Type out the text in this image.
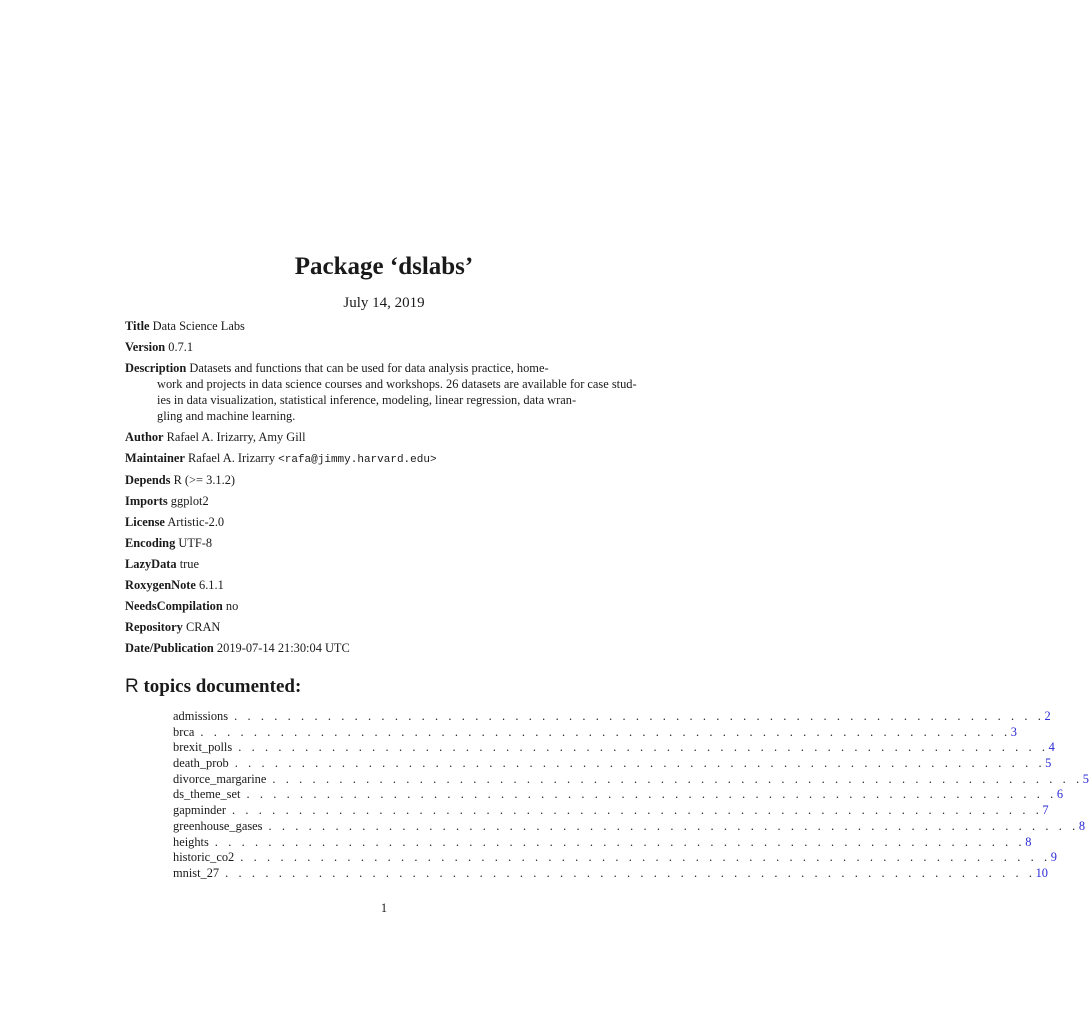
Package ‘dslabs’
July 14, 2019
Title Data Science Labs
Version 0.7.1
Description Datasets and functions that can be used for data analysis practice, home-
work and projects in data science courses and workshops. 26 datasets are available for case stud-
ies in data visualization, statistical inference, modeling, linear regression, data wran-
gling and machine learning.
Author Rafael A. Irizarry, Amy Gill
Maintainer Rafael A. Irizarry <rafa@jimmy.harvard.edu>
Depends R (>= 3.1.2)
Imports ggplot2
License Artistic-2.0
Encoding UTF-8
LazyData true
RoxygenNote 6.1.1
NeedsCompilation no
Repository CRAN
Date/Publication 2019-07-14 21:30:04 UTC
R topics documented:
admissions . . . . . . . . . . . . . . . . . . . . . . . . . . . . . . . . . . . . . . . . . . . . . . . . . . . . . . . . . . . . . 2
brca . . . . . . . . . . . . . . . . . . . . . . . . . . . . . . . . . . . . . . . . . . . . . . . . . . . . . . . . . . . . . 3
brexit_polls . . . . . . . . . . . . . . . . . . . . . . . . . . . . . . . . . . . . . . . . . . . . . . . . . . . . . . . . . . . . . 4
death_prob . . . . . . . . . . . . . . . . . . . . . . . . . . . . . . . . . . . . . . . . . . . . . . . . . . . . . . . . . . . . . 5
divorce_margarine . . . . . . . . . . . . . . . . . . . . . . . . . . . . . . . . . . . . . . . . . . . . . . . . . . . . . . . . . . . . . 5
ds_theme_set . . . . . . . . . . . . . . . . . . . . . . . . . . . . . . . . . . . . . . . . . . . . . . . . . . . . . . . . . . . . . 6
gapminder . . . . . . . . . . . . . . . . . . . . . . . . . . . . . . . . . . . . . . . . . . . . . . . . . . . . . . . . . . . . . 7
greenhouse_gases . . . . . . . . . . . . . . . . . . . . . . . . . . . . . . . . . . . . . . . . . . . . . . . . . . . . . . . . . . . . . 8
heights . . . . . . . . . . . . . . . . . . . . . . . . . . . . . . . . . . . . . . . . . . . . . . . . . . . . . . . . . . . . . 8
historic_co2 . . . . . . . . . . . . . . . . . . . . . . . . . . . . . . . . . . . . . . . . . . . . . . . . . . . . . . . . . . . . . 9
mnist_27 . . . . . . . . . . . . . . . . . . . . . . . . . . . . . . . . . . . . . . . . . . . . . . . . . . . . . . . . . . . . . 10
1
